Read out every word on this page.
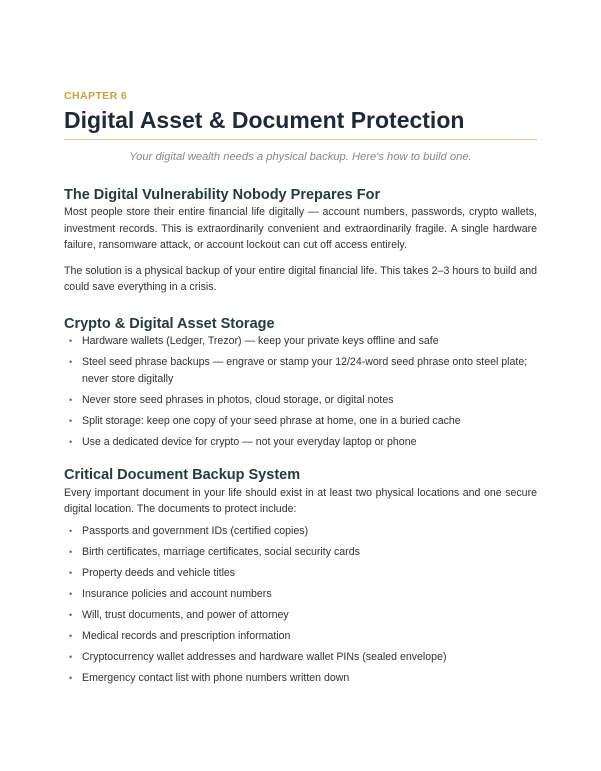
CHAPTER 6

Digital Asset & Document Protection

Your digital wealth needs a physical backup. Here's how to build one.

The Digital Vulnerability Nobody Prepares For

Most people store their entire financial life digitally — account numbers, passwords, crypto wallets, investment records. This is extraordinarily convenient and extraordinarily fragile. A single hardware failure, ransomware attack, or account lockout can cut off access entirely.

The solution is a physical backup of your entire digital financial life. This takes 2–3 hours to build and could save everything in a crisis.

Crypto & Digital Asset Storage
• Hardware wallets (Ledger, Trezor) — keep your private keys offline and safe
• Steel seed phrase backups — engrave or stamp your 12/24-word seed phrase onto steel plate; never store digitally
• Never store seed phrases in photos, cloud storage, or digital notes
• Split storage: keep one copy of your seed phrase at home, one in a buried cache
• Use a dedicated device for crypto — not your everyday laptop or phone
Critical Document Backup System

Every important document in your life should exist in at least two physical locations and one secure digital location. The documents to protect include:

• Passports and government IDs (certified copies)
• Birth certificates, marriage certificates, social security cards
• Property deeds and vehicle titles
• Insurance policies and account numbers
• Will, trust documents, and power of attorney
• Medical records and prescription information
• Cryptocurrency wallet addresses and hardware wallet PINs (sealed envelope)
• Emergency contact list with phone numbers written down
